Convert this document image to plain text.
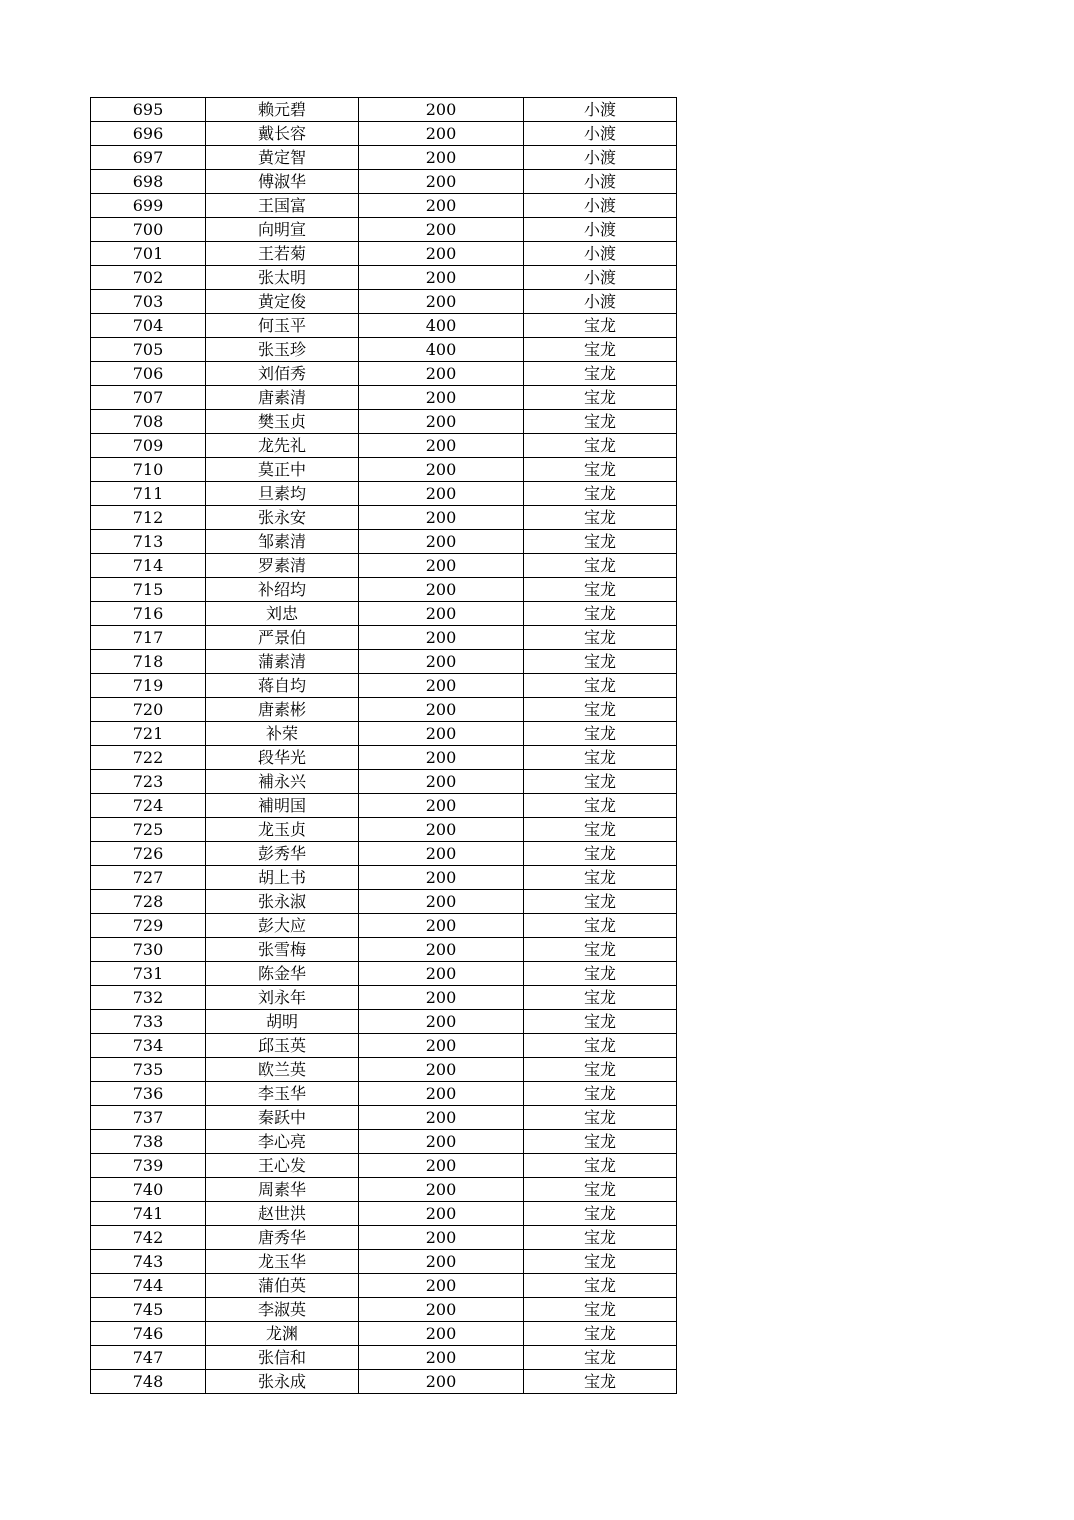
695	赖元碧	200	小渡
696	戴长容	200	小渡
697	黄定智	200	小渡
698	傅淑华	200	小渡
699	王国富	200	小渡
700	向明宣	200	小渡
701	王若菊	200	小渡
702	张太明	200	小渡
703	黄定俊	200	小渡
704	何玉平	400	宝龙
705	张玉珍	400	宝龙
706	刘佰秀	200	宝龙
707	唐素清	200	宝龙
708	樊玉贞	200	宝龙
709	龙先礼	200	宝龙
710	莫正中	200	宝龙
711	旦素均	200	宝龙
712	张永安	200	宝龙
713	邹素清	200	宝龙
714	罗素清	200	宝龙
715	补绍均	200	宝龙
716	刘忠	200	宝龙
717	严景伯	200	宝龙
718	蒲素清	200	宝龙
719	蒋自均	200	宝龙
720	唐素彬	200	宝龙
721	补荣	200	宝龙
722	段华光	200	宝龙
723	補永兴	200	宝龙
724	補明国	200	宝龙
725	龙玉贞	200	宝龙
726	彭秀华	200	宝龙
727	胡上书	200	宝龙
728	张永淑	200	宝龙
729	彭大应	200	宝龙
730	张雪梅	200	宝龙
731	陈金华	200	宝龙
732	刘永年	200	宝龙
733	胡明	200	宝龙
734	邱玉英	200	宝龙
735	欧兰英	200	宝龙
736	李玉华	200	宝龙
737	秦跃中	200	宝龙
738	李心亮	200	宝龙
739	王心发	200	宝龙
740	周素华	200	宝龙
741	赵世洪	200	宝龙
742	唐秀华	200	宝龙
743	龙玉华	200	宝龙
744	蒲伯英	200	宝龙
745	李淑英	200	宝龙
746	龙渊	200	宝龙
747	张信和	200	宝龙
748	张永成	200	宝龙
